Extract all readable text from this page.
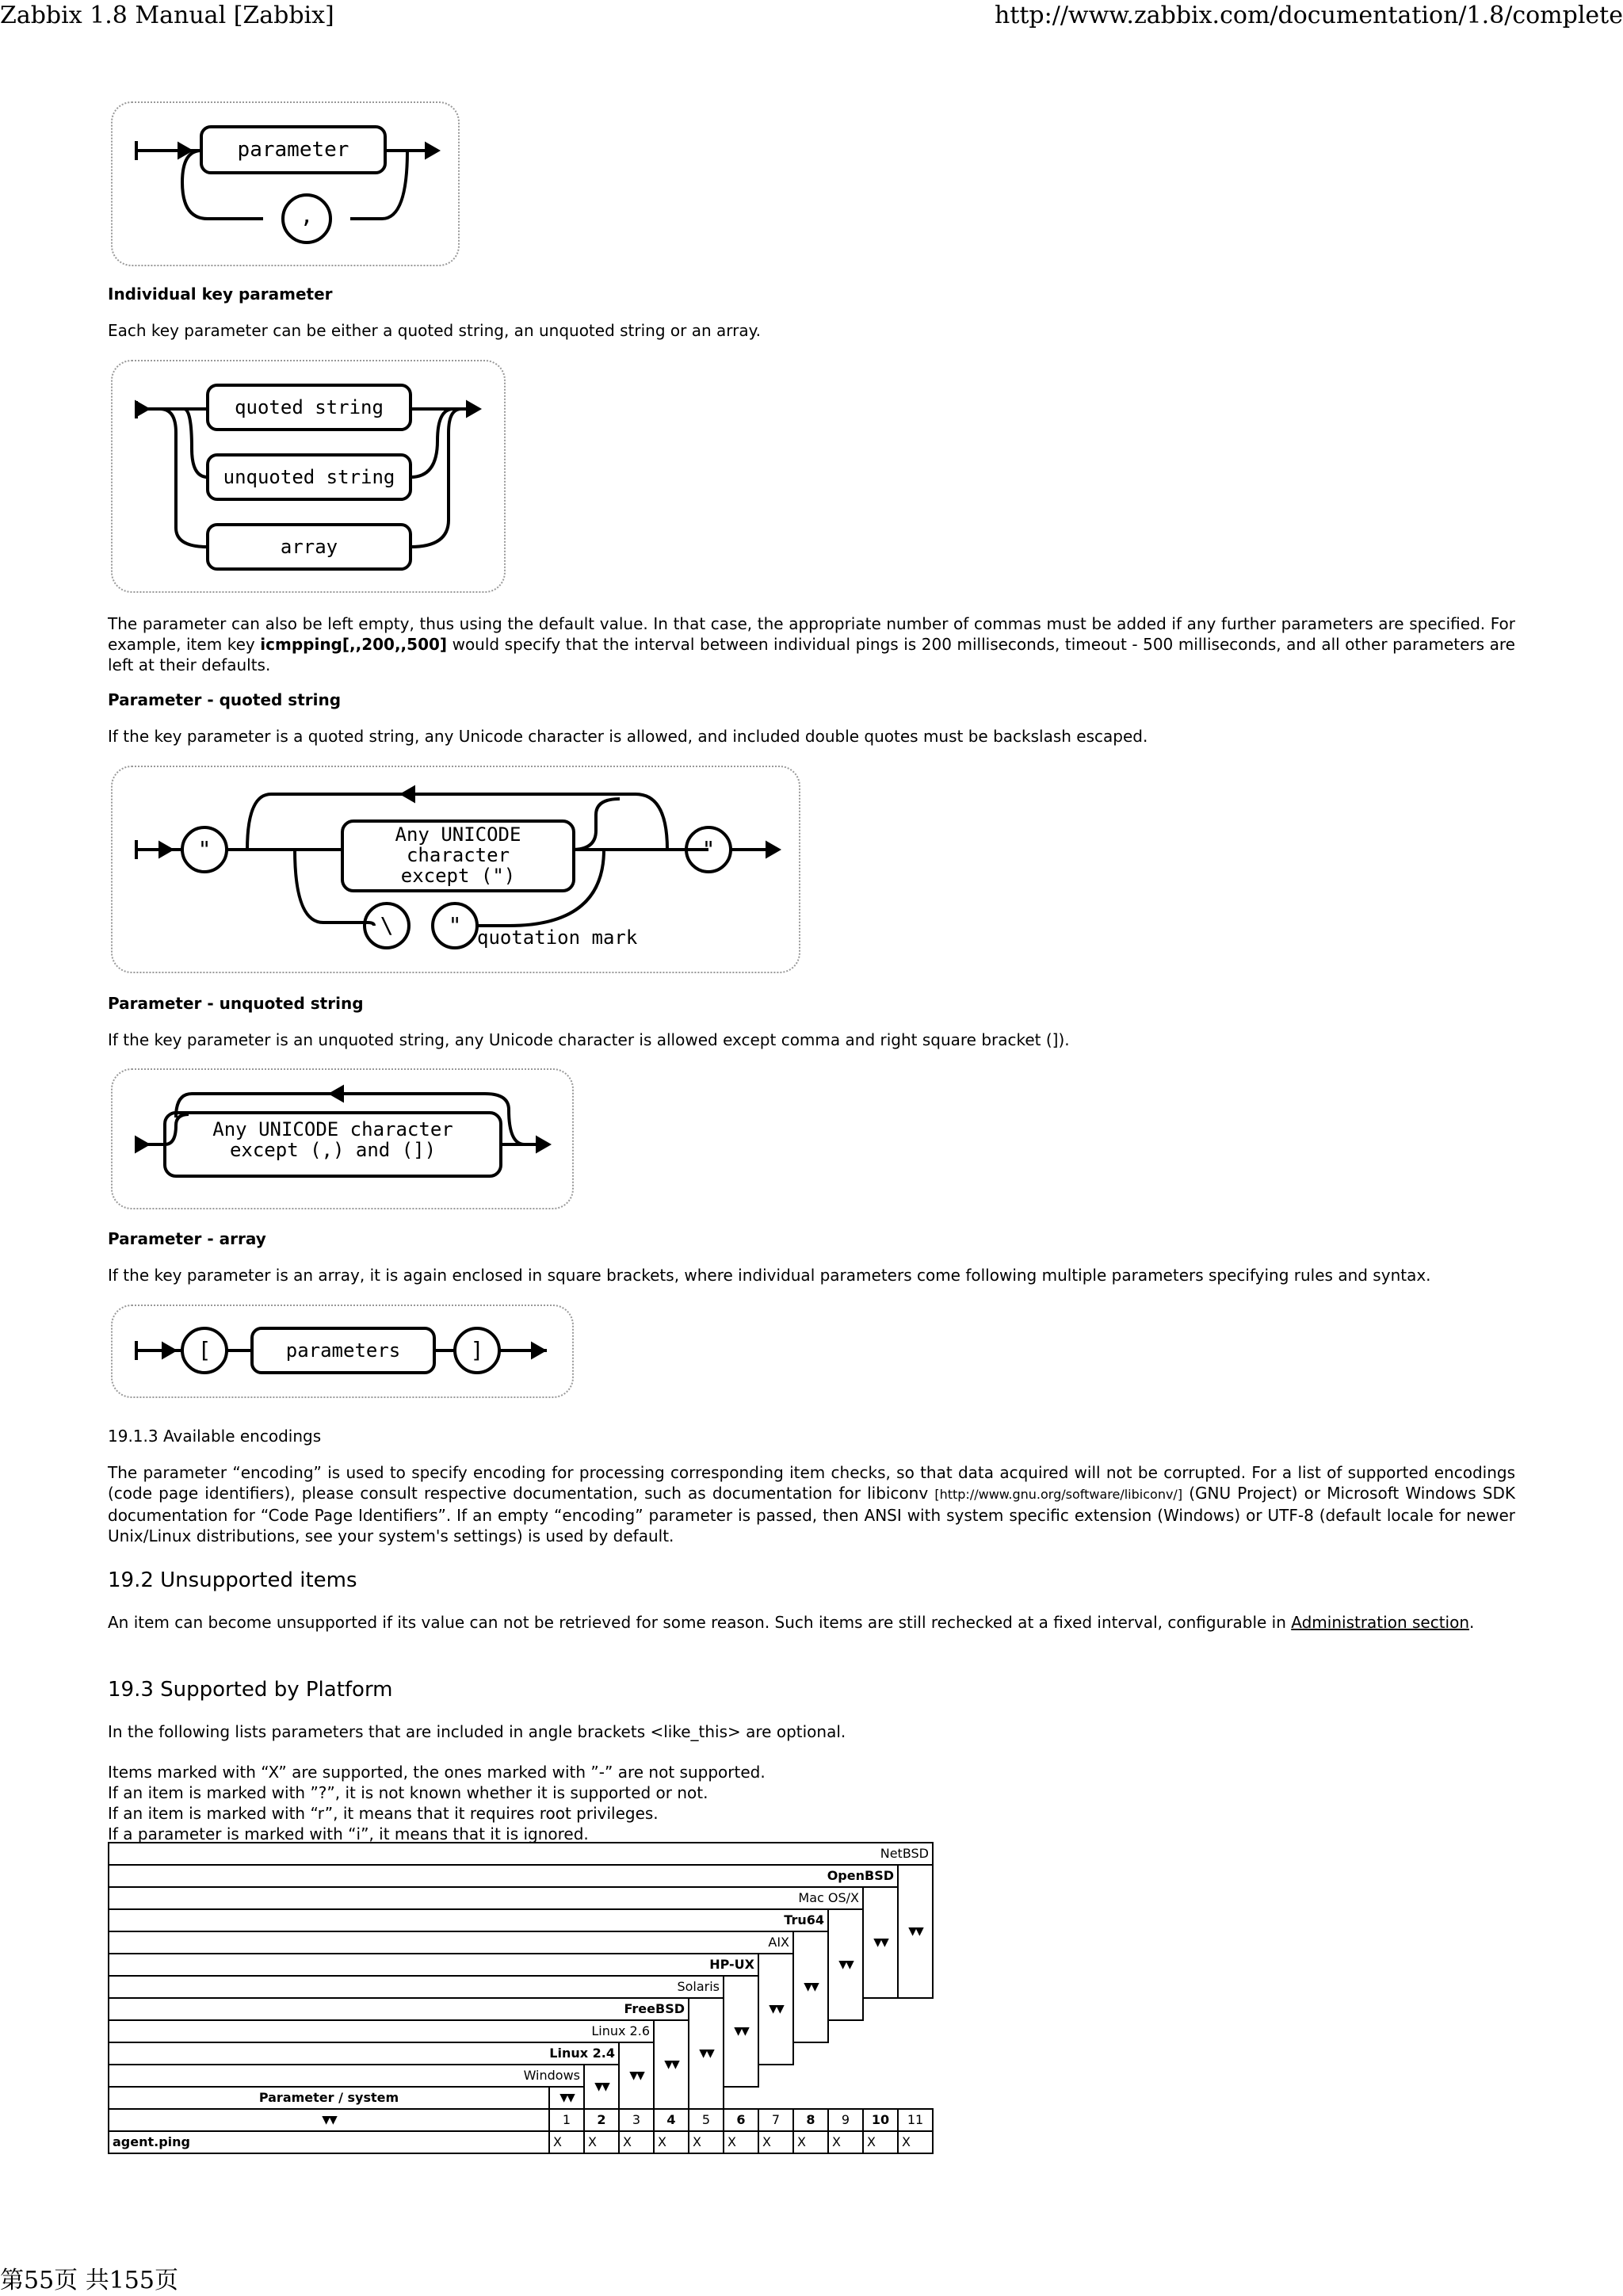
Zabbix 1.8 Manual [Zabbix]	http://www.zabbix.com/documentation/1.8/complete
parameter
,
Individual key parameter
Each key parameter can be either a quoted string, an unquoted string or an array.
quoted string
unquoted string
array
The parameter can also be left empty, thus using the default value. In that case, the appropriate number of commas must be added if any further parameters are specified. For example, item key icmpping[,,200,,500] would specify that the interval between individual pings is 200 milliseconds, timeout - 500 milliseconds, and all other parameters are left at their defaults.
Parameter - quoted string
If the key parameter is a quoted string, any Unicode character is allowed, and included double quotes must be backslash escaped.
"
Any UNICODE
character
except (")
"
\	" quotation mark
Parameter - unquoted string
If the key parameter is an unquoted string, any Unicode character is allowed except comma and right square bracket (]).
Any UNICODE character
except (,) and (])
Parameter - array
If the key parameter is an array, it is again enclosed in square brackets, where individual parameters come following multiple parameters specifying rules and syntax.
[	parameters	]
19.1.3 Available encodings
The parameter “encoding” is used to specify encoding for processing corresponding item checks, so that data acquired will not be corrupted. For a list of supported encodings (code page identifiers), please consult respective documentation, such as documentation for libiconv [http://www.gnu.org/software/libiconv/] (GNU Project) or Microsoft Windows SDK documentation for “Code Page Identifiers”. If an empty “encoding” parameter is passed, then ANSI with system specific extension (Windows) or UTF-8 (default locale for newer Unix/Linux distributions, see your system's settings) is used by default.
19.2 Unsupported items
An item can become unsupported if its value can not be retrieved for some reason. Such items are still rechecked at a fixed interval, configurable in Administration section.
19.3 Supported by Platform
In the following lists parameters that are included in angle brackets <like_this> are optional.
Items marked with “X” are supported, the ones marked with ”-” are not supported.
If an item is marked with ”?”, it is not known whether it is supported or not.
If an item is marked with “r”, it means that it requires root privileges.
If a parameter is marked with “i”, it means that it is ignored.
NetBSD											
OpenBSD											▼▼
Mac OS/X										▼▼	
Tru64									▼▼		
AIX								▼▼			
HP-UX							▼▼				
Solaris						▼▼					
FreeBSD					▼▼						
Linux 2.6				▼▼							
Linux 2.4			▼▼								
Windows		▼▼									
Parameter / system	▼▼										
▼▼	1	2	3	4	5	6	7	8	9	10	11
agent.ping	X	X	X	X	X	X	X	X	X	X	X
第55页 共155页
